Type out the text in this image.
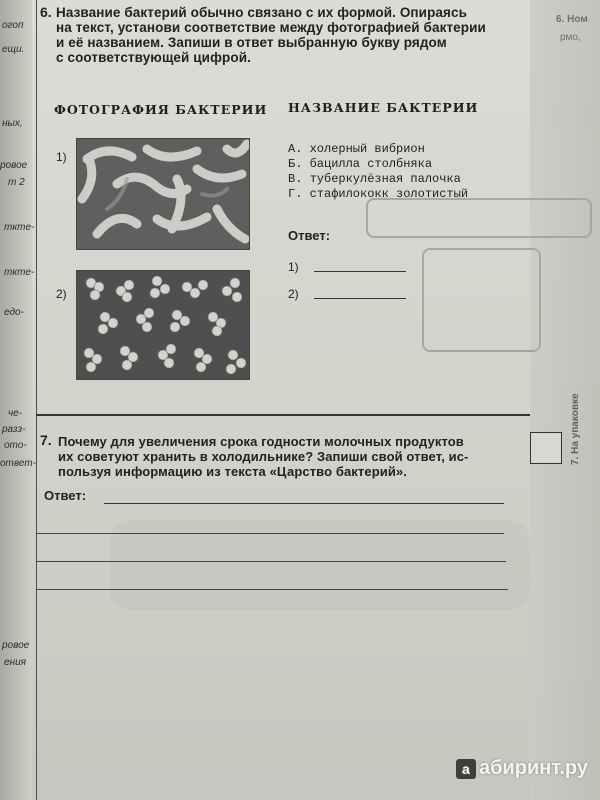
огоп
ещи.
ных,
ровое
т 2
ткте-
ткте-
едо-
че-
разз-
ото-
ответ-
ровое
ения
6. Ном
рмо,
7. На упаковке
6. Название бактерий обычно связано с их формой. Опираясь
на текст, установи соответствие между фотографией бактерии
и её названием. Запиши в ответ выбранную букву рядом
с соответствующей цифрой.
ФОТОГРАФИЯ БАКТЕРИИ НАЗВАНИЕ БАКТЕРИИ
1)
2)
А. холерный вибрион
Б. бацилла столбняка
В. туберкулёзная палочка
Г. стафилококк золотистый
Ответ:
1)
2)
7. Почему для увеличения срока годности молочных продуктов
их советуют хранить в холодильнике? Запиши свой ответ, ис-
пользуя информацию из текста «Царство бактерий».
Ответ:
a абиринт.ру
